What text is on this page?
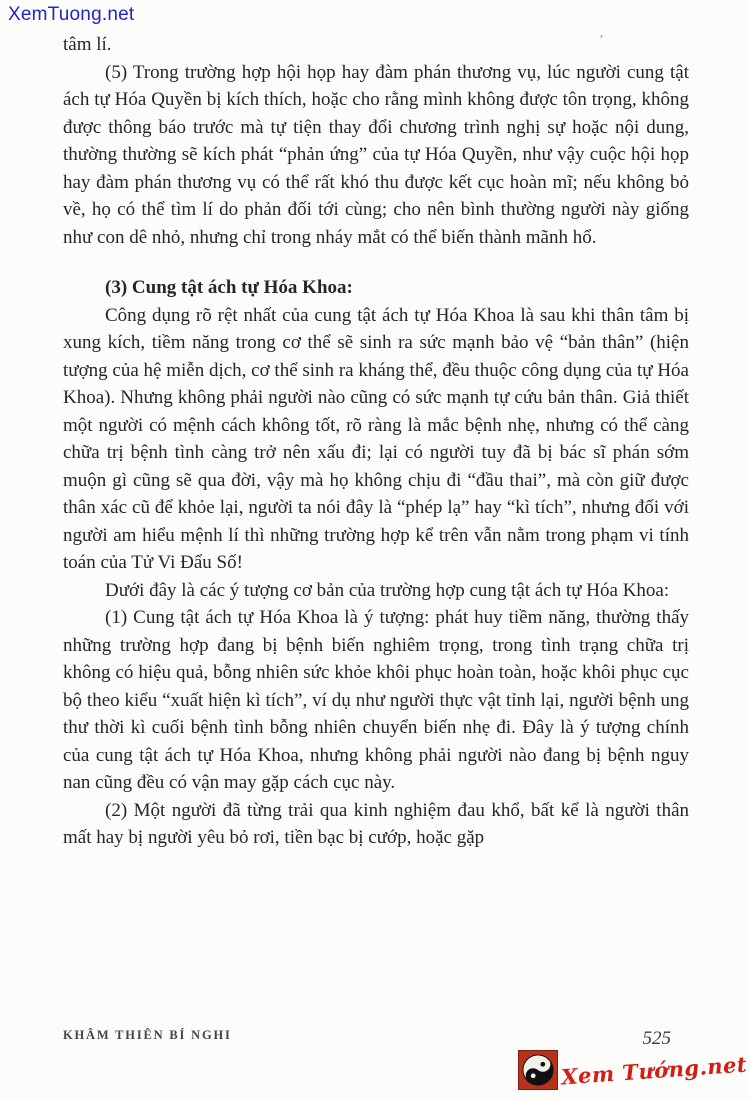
XemTuong.net
’

tâm lí.

(5) Trong trường hợp hội họp hay đàm phán thương vụ, lúc người cung tật ách tự Hóa Quyền bị kích thích, hoặc cho rằng mình không được tôn trọng, không được thông báo trước mà tự tiện thay đổi chương trình nghị sự hoặc nội dung, thường thường sẽ kích phát “phản ứng” của tự Hóa Quyền, như vậy cuộc hội họp hay đàm phán thương vụ có thể rất khó thu được kết cục hoàn mĩ; nếu không bỏ về, họ có thể tìm lí do phản đối tới cùng; cho nên bình thường người này giống như con dê nhỏ, nhưng chỉ trong nháy mắt có thể biến thành mãnh hổ.

(3) Cung tật ách tự Hóa Khoa:

Công dụng rõ rệt nhất của cung tật ách tự Hóa Khoa là sau khi thân tâm bị xung kích, tiềm năng trong cơ thể sẽ sinh ra sức mạnh bảo vệ “bản thân” (hiện tượng của hệ miễn dịch, cơ thể sinh ra kháng thể, đều thuộc công dụng của tự Hóa Khoa). Nhưng không phải người nào cũng có sức mạnh tự cứu bản thân. Giả thiết một người có mệnh cách không tốt, rõ ràng là mắc bệnh nhẹ, nhưng có thể càng chữa trị bệnh tình càng trở nên xấu đi; lại có người tuy đã bị bác sĩ phán sớm muộn gì cũng sẽ qua đời, vậy mà họ không chịu đi “đầu thai”, mà còn giữ được thân xác cũ để khỏe lại, người ta nói đây là “phép lạ” hay “kì tích”, nhưng đối với người am hiểu mệnh lí thì những trường hợp kể trên vẫn nằm trong phạm vi tính toán của Tử Vi Đẩu Số!

Dưới đây là các ý tượng cơ bản của trường hợp cung tật ách tự Hóa Khoa:

(1) Cung tật ách tự Hóa Khoa là ý tượng: phát huy tiềm năng, thường thấy những trường hợp đang bị bệnh biến nghiêm trọng, trong tình trạng chữa trị không có hiệu quả, bỗng nhiên sức khỏe khôi phục hoàn toàn, hoặc khôi phục cục bộ theo kiểu “xuất hiện kì tích”, ví dụ như người thực vật tỉnh lại, người bệnh ung thư thời kì cuối bệnh tình bỗng nhiên chuyển biến nhẹ đi. Đây là ý tượng chính của cung tật ách tự Hóa Khoa, nhưng không phải người nào đang bị bệnh nguy nan cũng đều có vận may gặp cách cục này.

(2) Một người đã từng trải qua kinh nghiệm đau khổ, bất kể là người thân mất hay bị người yêu bỏ rơi, tiền bạc bị cướp, hoặc gặp

KHÂM THIÊN BÍ NGHI	525
Xem Tướng.net
